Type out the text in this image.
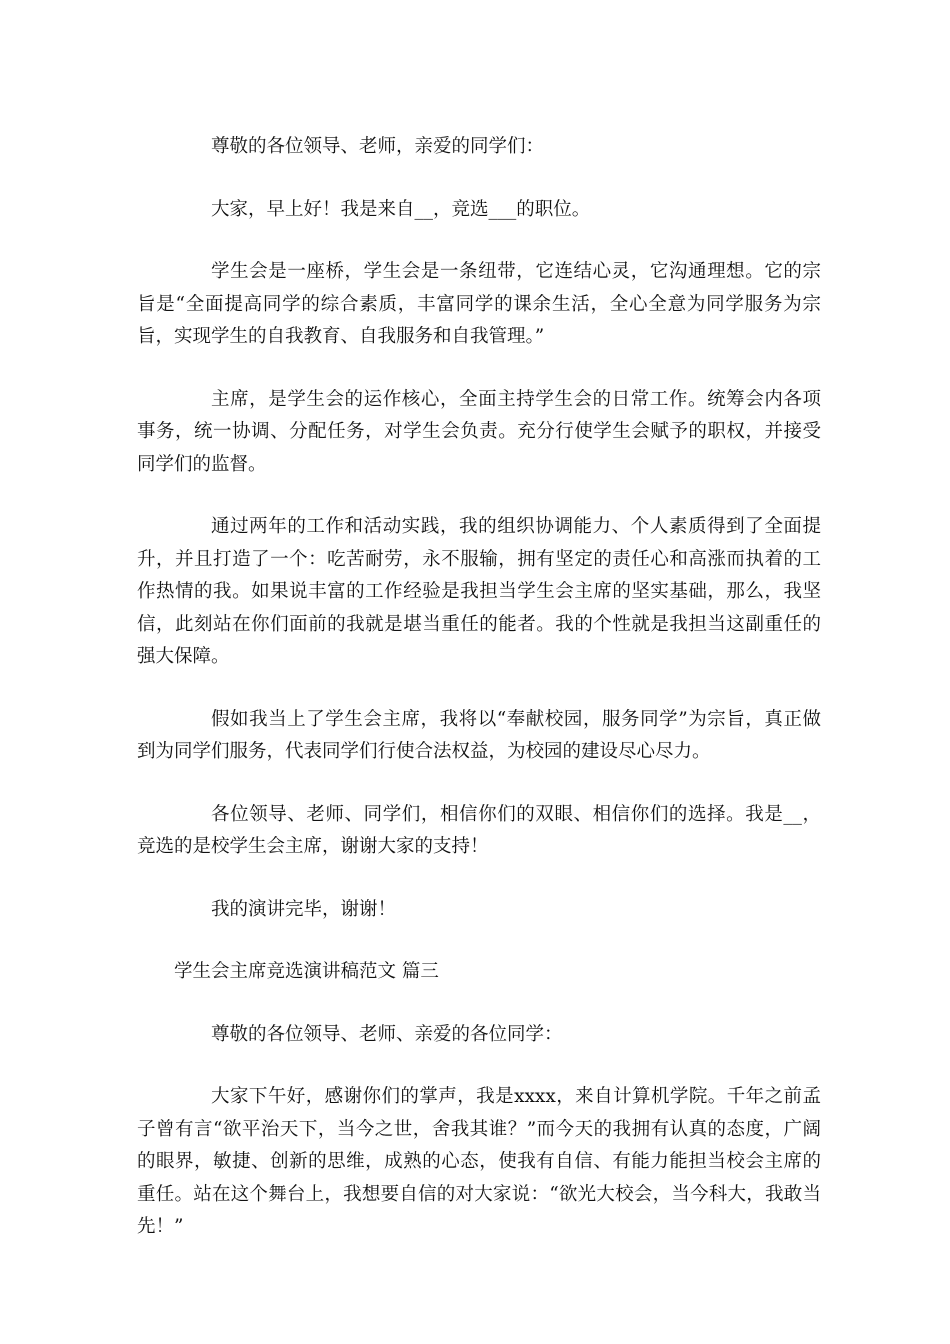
尊敬的各位领导、老师，亲爱的同学们：

大家，早上好！我是来自__，竞选___的职位。

学生会是一座桥，学生会是一条纽带，它连结心灵，它沟通理想。它的宗旨是“全面提高同学的综合素质，丰富同学的课余生活，全心全意为同学服务为宗旨，实现学生的自我教育、自我服务和自我管理。”

主席，是学生会的运作核心，全面主持学生会的日常工作。统筹会内各项事务，统一协调、分配任务，对学生会负责。充分行使学生会赋予的职权，并接受同学们的监督。

通过两年的工作和活动实践，我的组织协调能力、个人素质得到了全面提升，并且打造了一个：吃苦耐劳，永不服输，拥有坚定的责任心和高涨而执着的工作热情的我。如果说丰富的工作经验是我担当学生会主席的坚实基础，那么，我坚信，此刻站在你们面前的我就是堪当重任的能者。我的个性就是我担当这副重任的强大保障。

假如我当上了学生会主席，我将以“奉献校园，服务同学”为宗旨，真正做到为同学们服务，代表同学们行使合法权益，为校园的建设尽心尽力。

各位领导、老师、同学们，相信你们的双眼、相信你们的选择。我是__，竞选的是校学生会主席，谢谢大家的支持！

我的演讲完毕，谢谢！

学生会主席竞选演讲稿范文 篇三

尊敬的各位领导、老师、亲爱的各位同学：

大家下午好，感谢你们的掌声，我是xxxx，来自计算机学院。千年之前孟子曾有言“欲平治天下，当今之世，舍我其谁？”而今天的我拥有认真的态度，广阔的眼界，敏捷、创新的思维，成熟的心态，使我有自信、有能力能担当校会主席的重任。站在这个舞台上，我想要自信的对大家说：“欲光大校会，当今科大，我敢当先！”
